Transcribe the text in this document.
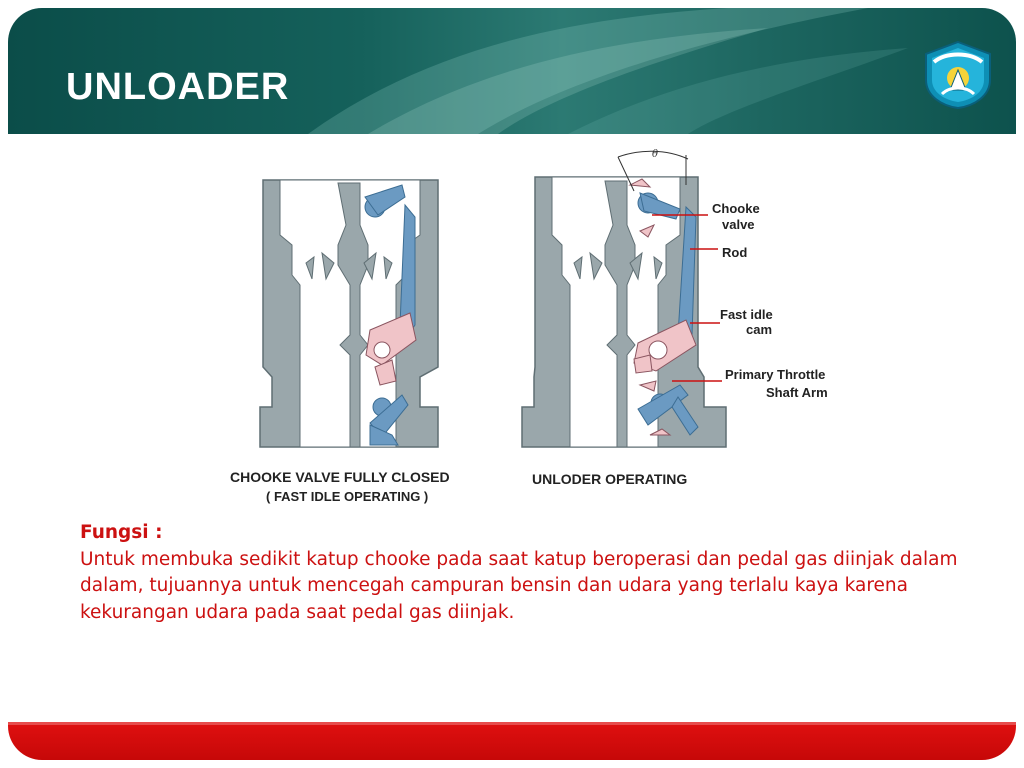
UNLOADER
CHOOKE VALVE FULLY CLOSED
( FAST IDLE OPERATING )
θ
UNLODER OPERATING
Chooke
valve
Rod
Fast idle
cam
Primary Throttle
Shaft Arm
Fungsi :
Untuk membuka sedikit katup chooke pada saat katup beroperasi dan pedal gas diinjak dalam dalam, tujuannya untuk mencegah campuran bensin dan udara yang terlalu kaya karena kekurangan udara pada saat pedal gas diinjak.
